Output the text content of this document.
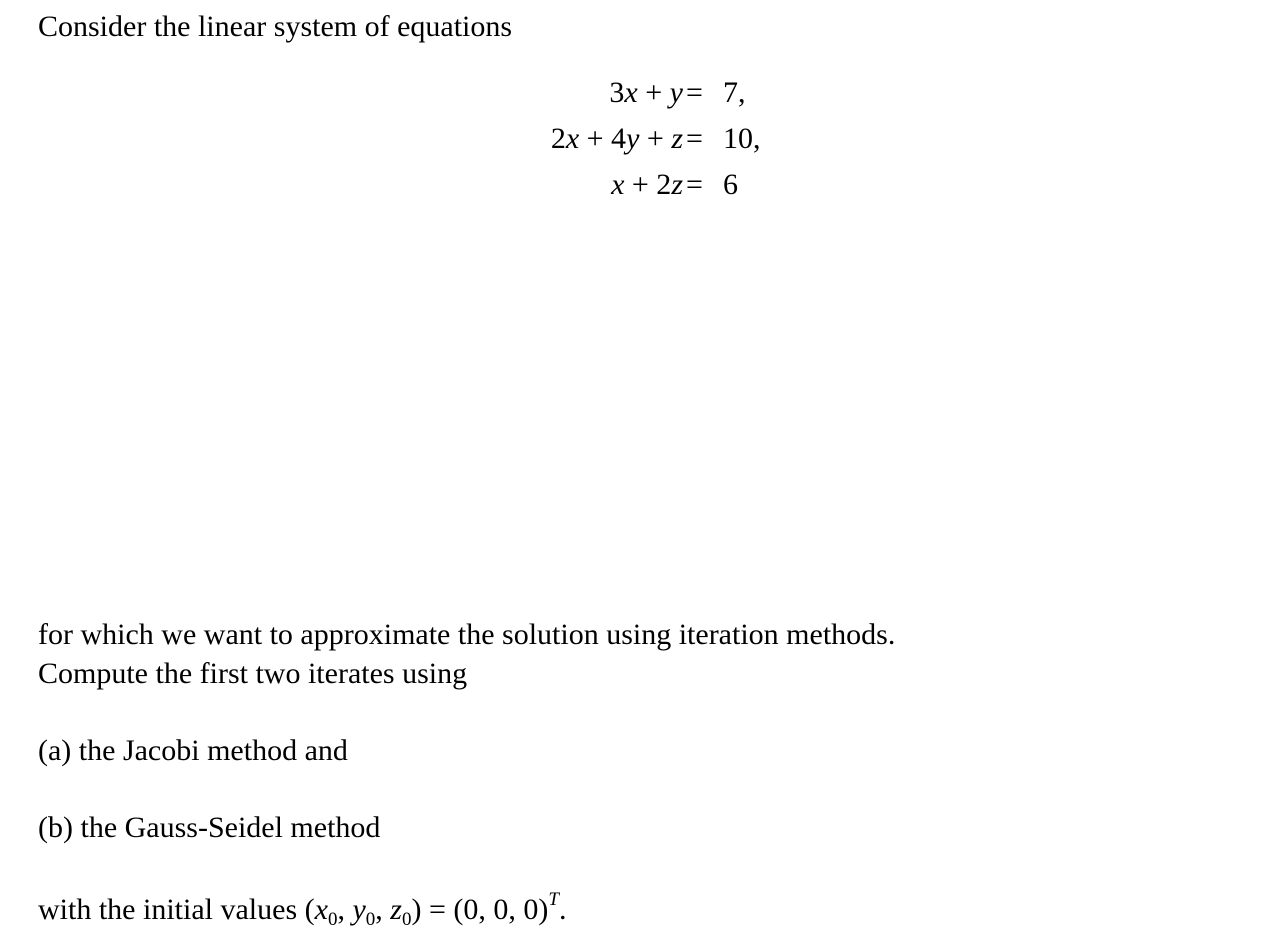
Consider the linear system of equations
3x + y = 7,
2x + 4y + z = 10,
x + 2z = 6
for which we want to approximate the solution using iteration methods.
Compute the first two iterates using
(a) the Jacobi method and
(b) the Gauss-Seidel method
with the initial values ($x_0$, $y_0$, $z_0) = (0$, 0, 0)$^T$.
